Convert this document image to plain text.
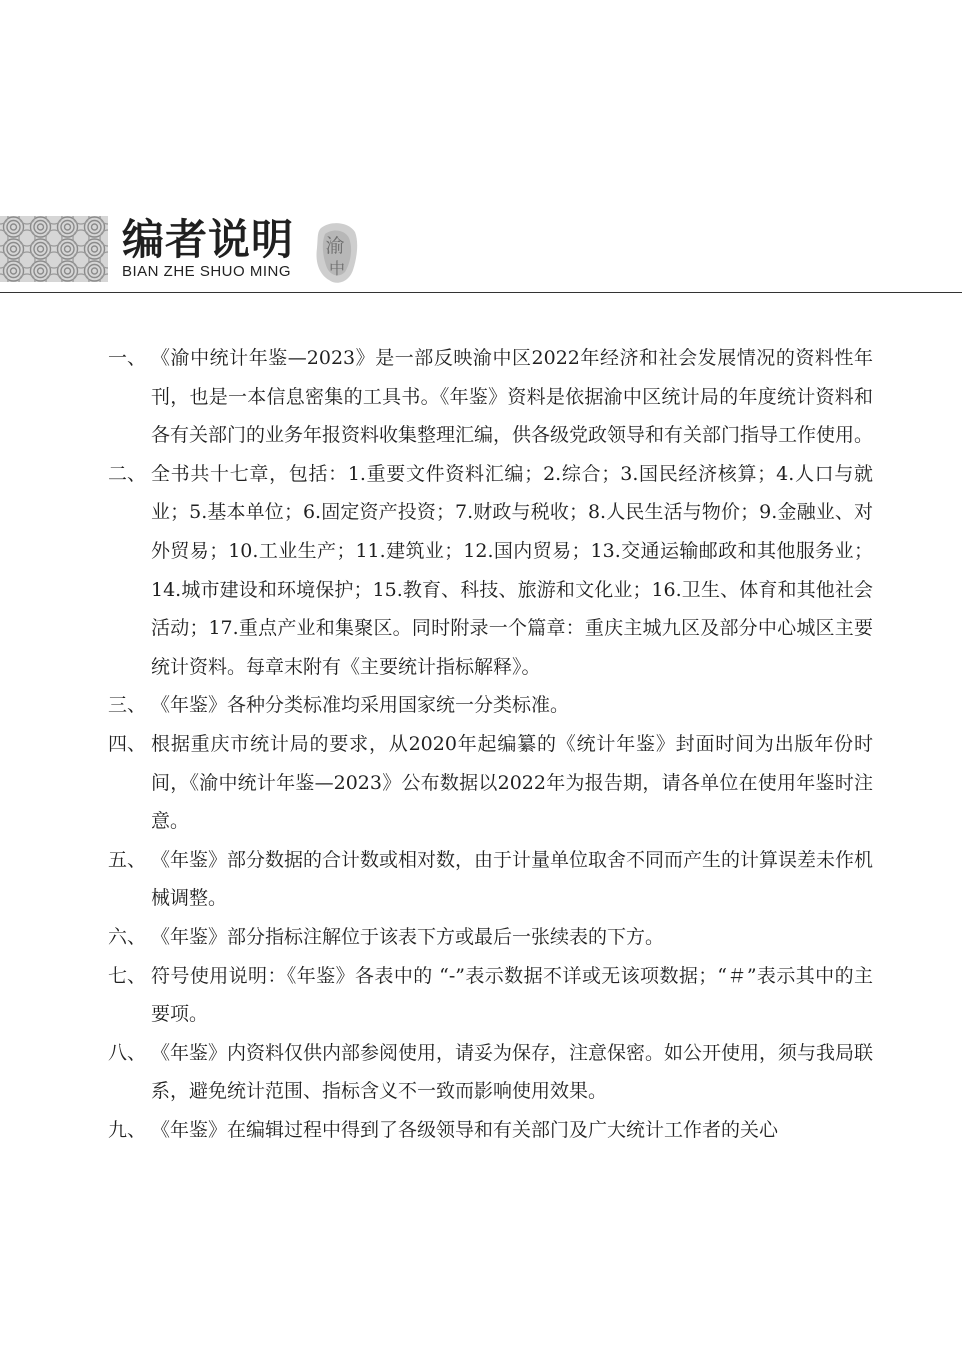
编者说明
BIAN ZHE SHUO MING
渝
中

一、 《渝中统计年鉴—2023》是一部反映渝中区2022年经济和社会发展情况的资料性年刊，也是一本信息密集的工具书。《年鉴》资料是依据渝中区统计局的年度统计资料和各有关部门的业务年报资料收集整理汇编，供各级党政领导和有关部门指导工作使用。

二、 全书共十七章，包括：1.重要文件资料汇编；2.综合；3.国民经济核算；4.人口与就业；5.基本单位；6.固定资产投资；7.财政与税收；8.人民生活与物价；9.金融业、对外贸易；10.工业生产；11.建筑业；12.国内贸易；13.交通运输邮政和其他服务业；14.城市建设和环境保护；15.教育、科技、旅游和文化业；16.卫生、体育和其他社会活动；17.重点产业和集聚区。同时附录一个篇章：重庆主城九区及部分中心城区主要统计资料。每章末附有《主要统计指标解释》。

三、 《年鉴》各种分类标准均采用国家统一分类标准。

四、 根据重庆市统计局的要求，从2020年起编纂的《统计年鉴》封面时间为出版年份时间，《渝中统计年鉴—2023》公布数据以2022年为报告期，请各单位在使用年鉴时注意。

五、 《年鉴》部分数据的合计数或相对数，由于计量单位取舍不同而产生的计算误差未作机械调整。

六、 《年鉴》部分指标注解位于该表下方或最后一张续表的下方。

七、 符号使用说明：《年鉴》各表中的 “-”表示数据不详或无该项数据；“＃”表示其中的主要项。

八、 《年鉴》内资料仅供内部参阅使用，请妥为保存，注意保密。如公开使用，须与我局联系，避免统计范围、指标含义不一致而影响使用效果。

九、 《年鉴》在编辑过程中得到了各级领导和有关部门及广大统计工作者的关心
